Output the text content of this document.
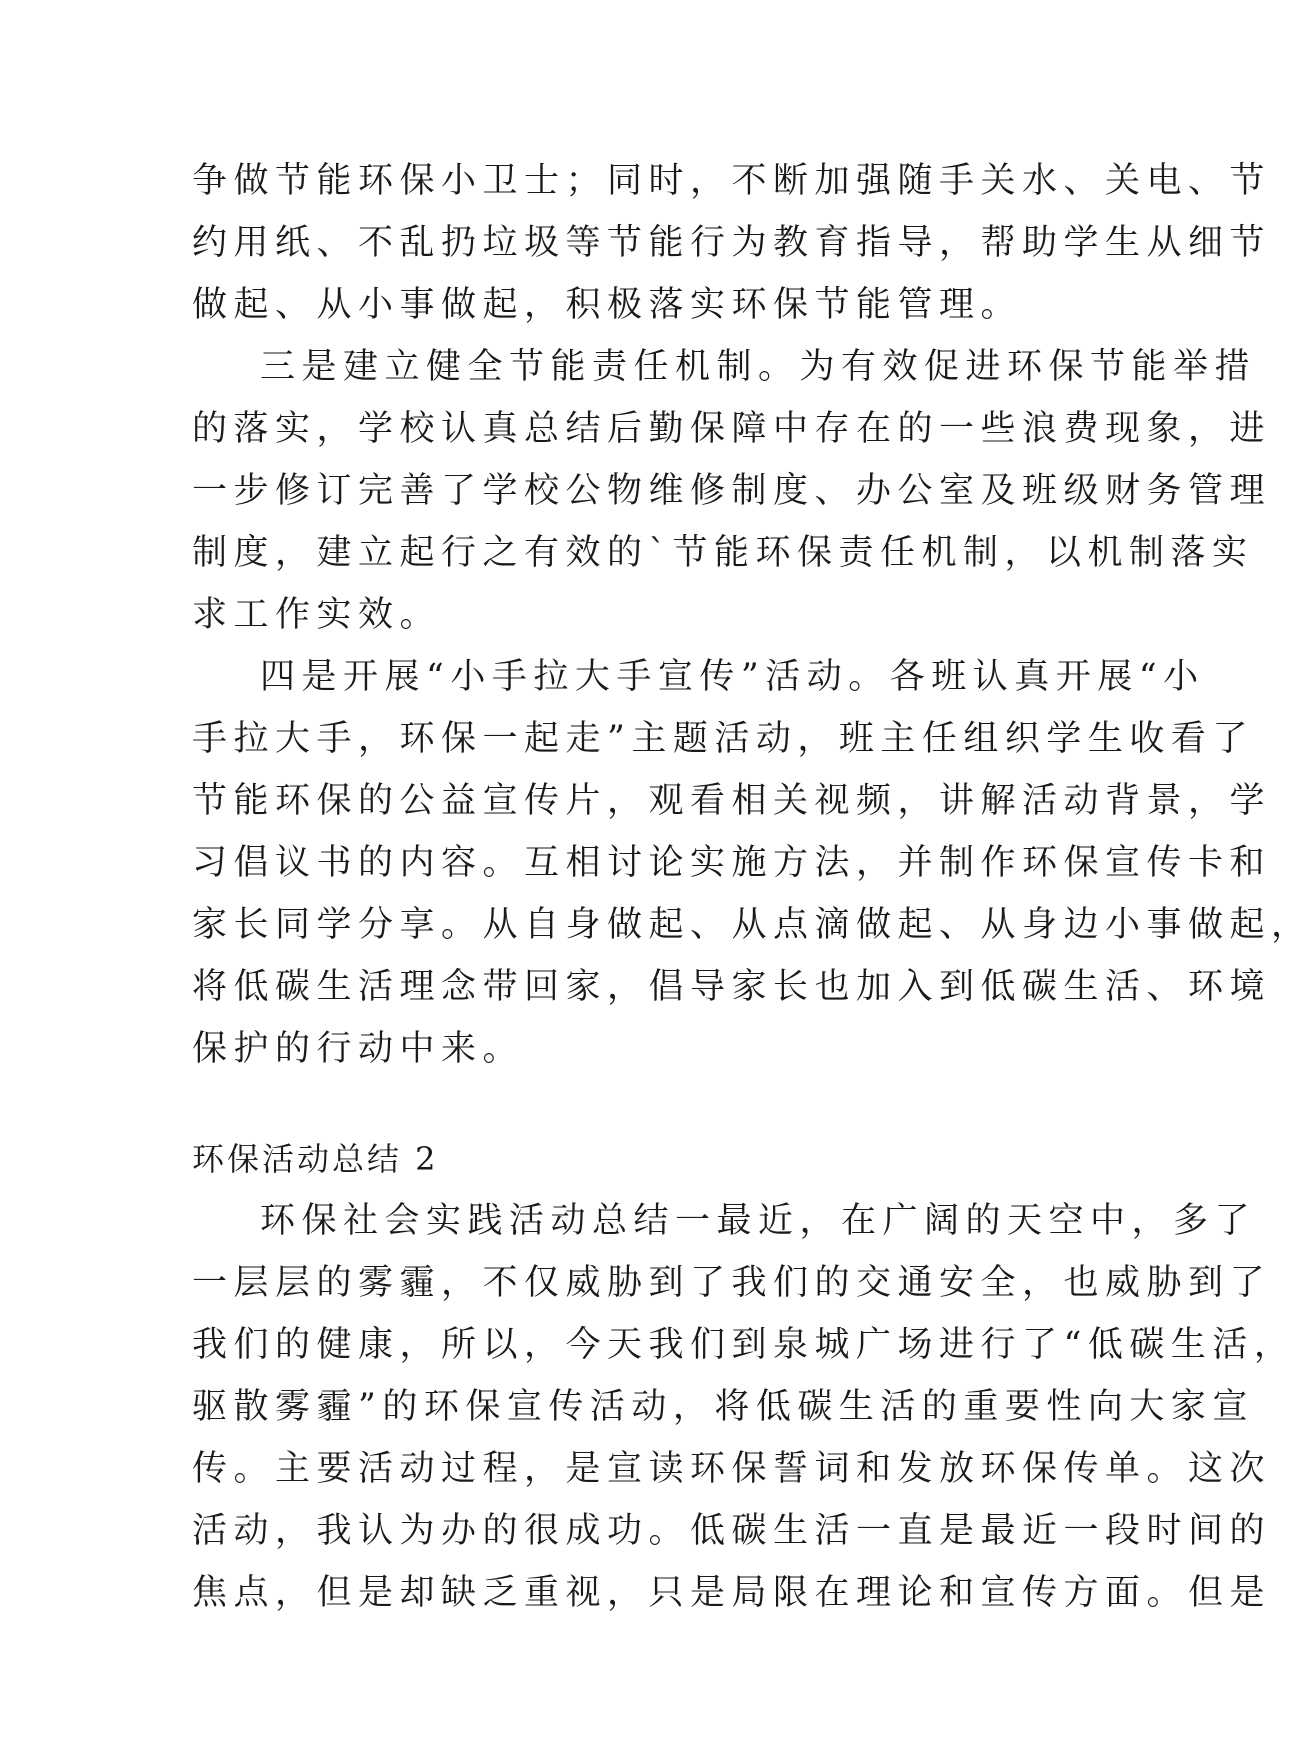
争做节能环保小卫士；同时，不断加强随手关水、关电、节
约用纸、不乱扔垃圾等节能行为教育指导，帮助学生从细节
做起、从小事做起，积极落实环保节能管理。
三是建立健全节能责任机制。为有效促进环保节能举措
的落实，学校认真总结后勤保障中存在的一些浪费现象，进
一步修订完善了学校公物维修制度、办公室及班级财务管理
制度，建立起行之有效的`节能环保责任机制，以机制落实
求工作实效。
四是开展“小手拉大手宣传”活动。各班认真开展“小
手拉大手，环保一起走”主题活动，班主任组织学生收看了
节能环保的公益宣传片，观看相关视频，讲解活动背景，学
习倡议书的内容。互相讨论实施方法，并制作环保宣传卡和
家长同学分享。从自身做起、从点滴做起、从身边小事做起，
将低碳生活理念带回家，倡导家长也加入到低碳生活、环境
保护的行动中来。
环保活动总结 2
环保社会实践活动总结一最近，在广阔的天空中，多了
一层层的雾霾，不仅威胁到了我们的交通安全，也威胁到了
我们的健康，所以，今天我们到泉城广场进行了“低碳生活，
驱散雾霾”的环保宣传活动，将低碳生活的重要性向大家宣
传。主要活动过程，是宣读环保誓词和发放环保传单。这次
活动，我认为办的很成功。低碳生活一直是最近一段时间的
焦点，但是却缺乏重视，只是局限在理论和宣传方面。但是
